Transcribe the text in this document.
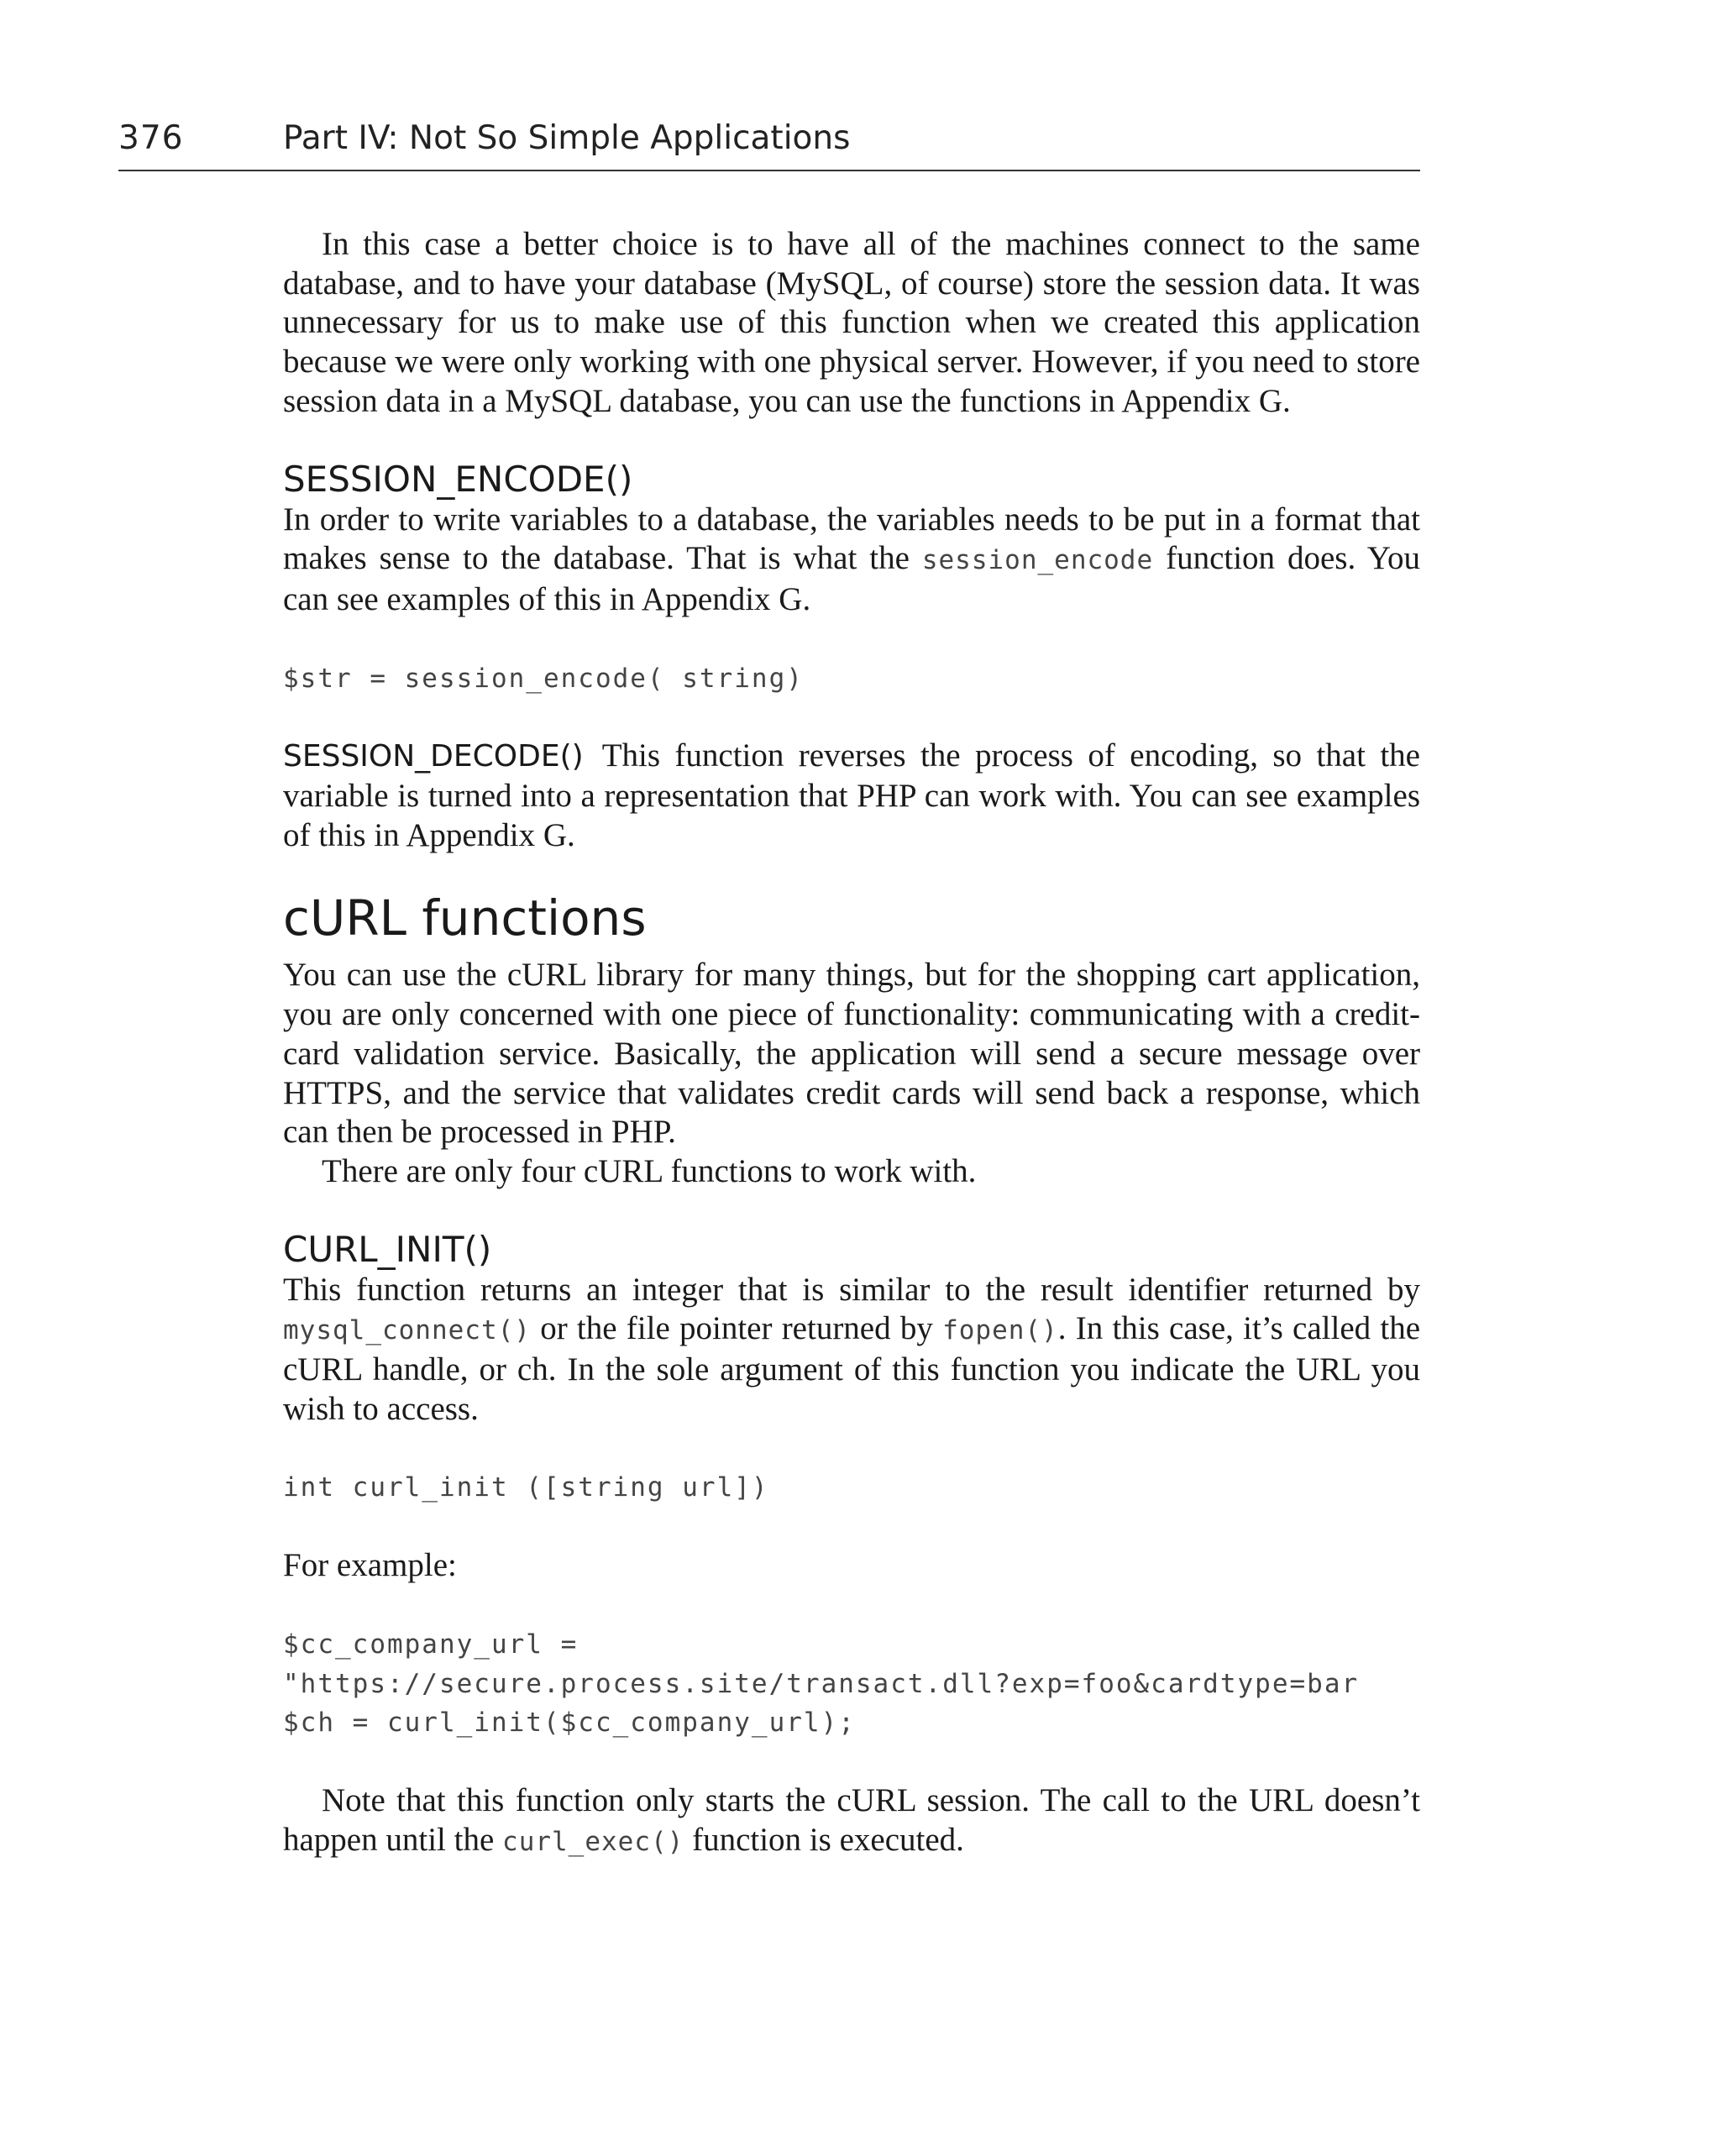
376	Part IV: Not So Simple Applications

In this case a better choice is to have all of the machines connect to the same database, and to have your database (MySQL, of course) store the session data. It was unnecessary for us to make use of this function when we created this application because we were only working with one physical server. However, if you need to store session data in a MySQL database, you can use the functions in Appendix G.

SESSION_ENCODE()

In order to write variables to a database, the variables needs to be put in a format that makes sense to the database. That is what the session_encode function does. You can see examples of this in Appendix G.

$str = session_encode( string)

SESSION_DECODE() This function reverses the process of encoding, so that the variable is turned into a representation that PHP can work with. You can see examples of this in Appendix G.

cURL functions

You can use the cURL library for many things, but for the shopping cart application, you are only concerned with one piece of functionality: communicating with a credit-card validation service. Basically, the application will send a secure message over HTTPS, and the service that validates credit cards will send back a response, which can then be processed in PHP.

There are only four cURL functions to work with.

CURL_INIT()

This function returns an integer that is similar to the result identifier returned by mysql_connect() or the file pointer returned by fopen(). In this case, it’s called the cURL handle, or ch. In the sole argument of this function you indicate the URL you wish to access.

int curl_init ([string url])

For example:

$cc_company_url =
"https://secure.process.site/transact.dll?exp=foo&cardtype=bar
$ch = curl_init($cc_company_url);

Note that this function only starts the cURL session. The call to the URL doesn’t happen until the curl_exec() function is executed.
